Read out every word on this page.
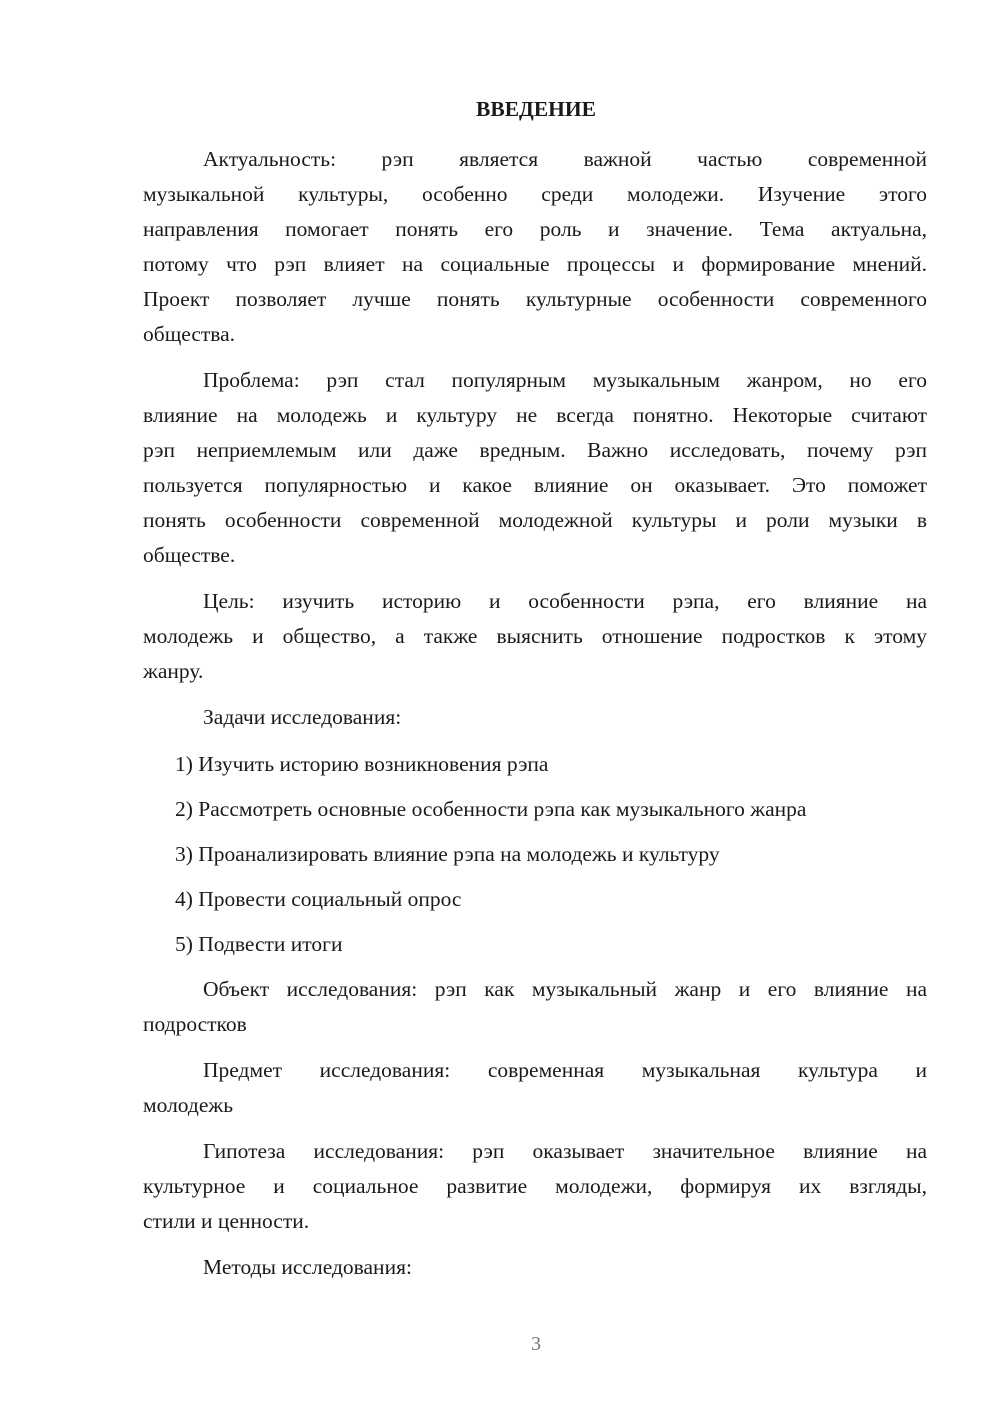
ВВЕДЕНИЕ
Актуальность: рэп является важной частью современной
музыкальной культуры, особенно среди молодежи. Изучение этого
направления помогает понять его роль и значение. Тема актуальна,
потому что рэп влияет на социальные процессы и формирование мнений.
Проект позволяет лучше понять культурные особенности современного
общества.
Проблема: рэп стал популярным музыкальным жанром, но его
влияние на молодежь и культуру не всегда понятно. Некоторые считают
рэп неприемлемым или даже вредным. Важно исследовать, почему рэп
пользуется популярностью и какое влияние он оказывает. Это поможет
понять особенности современной молодежной культуры и роли музыки в
обществе.
Цель: изучить историю и особенности рэпа, его влияние на
молодежь и общество, а также выяснить отношение подростков к этому
жанру.
Задачи исследования:
1) Изучить историю возникновения рэпа
2) Рассмотреть основные особенности рэпа как музыкального жанра
3) Проанализировать влияние рэпа на молодежь и культуру
4) Провести социальный опрос
5) Подвести итоги
Объект исследования: рэп как музыкальный жанр и его влияние на
подростков
Предмет исследования: современная музыкальная культура и
молодежь
Гипотеза исследования: рэп оказывает значительное влияние на
культурное и социальное развитие молодежи, формируя их взгляды,
стили и ценности.
Методы исследования:
3
